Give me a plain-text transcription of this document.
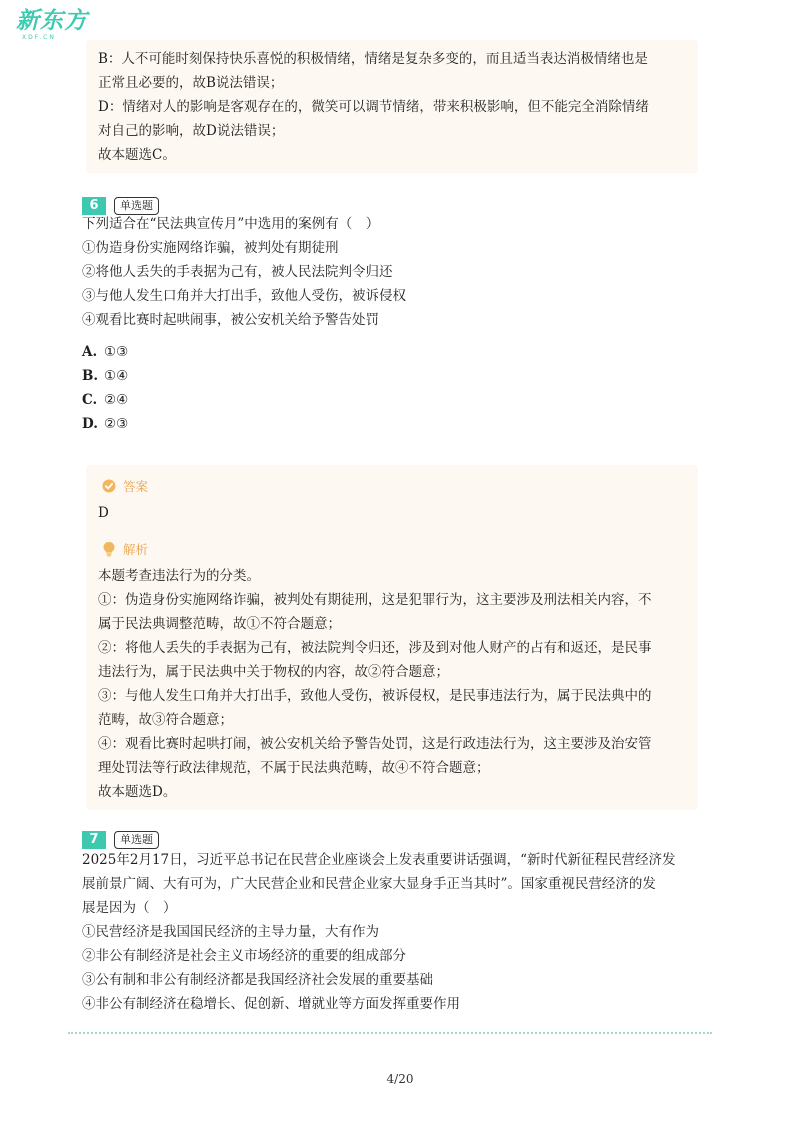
新东方
XDF.CN

B：人不可能时刻保持快乐喜悦的积极情绪，情绪是复杂多变的，而且适当表达消极情绪也是

正常且必要的，故B说法错误；

D：情绪对人的影响是客观存在的，微笑可以调节情绪，带来积极影响，但不能完全消除情绪

对自己的影响，故D说法错误；

故本题选C。

6	单选题

下列适合在“民法典宣传月”中选用的案例有（　）

①伪造身份实施网络诈骗，被判处有期徒刑

②将他人丢失的手表据为己有，被人民法院判令归还

③与他人发生口角并大打出手，致他人受伤，被诉侵权

④观看比赛时起哄闹事，被公安机关给予警告处罚

A. ①③
B. ①④
C. ②④
D. ②③
答案

D

解析

本题考查违法行为的分类。

①：伪造身份实施网络诈骗，被判处有期徒刑，这是犯罪行为，这主要涉及刑法相关内容，不

属于民法典调整范畴，故①不符合题意；

②：将他人丢失的手表据为己有，被法院判令归还，涉及到对他人财产的占有和返还，是民事

违法行为，属于民法典中关于物权的内容，故②符合题意；

③：与他人发生口角并大打出手，致他人受伤，被诉侵权，是民事违法行为，属于民法典中的

范畴，故③符合题意；

④：观看比赛时起哄打闹，被公安机关给予警告处罚，这是行政违法行为，这主要涉及治安管

理处罚法等行政法律规范，不属于民法典范畴，故④不符合题意；

故本题选D。

7	单选题

2025年2月17日，习近平总书记在民营企业座谈会上发表重要讲话强调，“新时代新征程民营经济发

展前景广阔、大有可为，广大民营企业和民营企业家大显身手正当其时”。国家重视民营经济的发

展是因为（　）

①民营经济是我国国民经济的主导力量，大有作为

②非公有制经济是社会主义市场经济的重要的组成部分

③公有制和非公有制经济都是我国经济社会发展的重要基础

④非公有制经济在稳增长、促创新、增就业等方面发挥重要作用

4/20
